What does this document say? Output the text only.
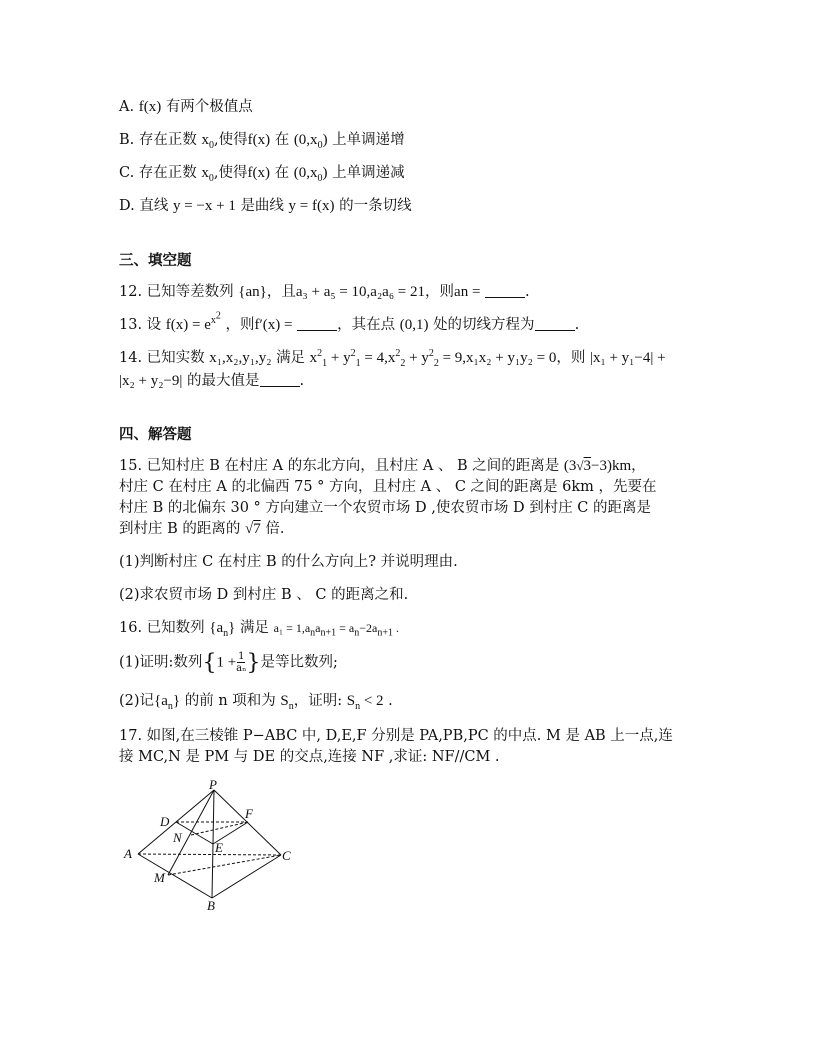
A. f(x) 有两个极值点
B. 存在正数 $x_0$,使得f(x) 在 $(0,x_0)$ 上单调递增
C. 存在正数 $x_0$,使得f(x) 在 $(0,x_0)$ 上单调递减
D. 直线 y = −x + 1 是曲线 y = f(x) 的一条切线
三、填空题
12. 已知等差数列 {an}，且a₃ + a₅ = 10,a₂a₆ = 21，则an =	.
13. 设 $f(x) = e^{x^2}$ ，则f′(x) =	，其在点 (0,1) 处的切线方程为	.
14. 已知实数 x₁,x₂,y₁,y₂ 满足 $x^2_1 + y^2_1 = 4,x^2_2 + y^2_2 = 9,x_1x_2 + y_1y_2 = 0$，则 |x₁ + y₁−4| +
|x₂ + y₂−9| 的最大值是	.
四、解答题
15. 已知村庄 B 在村庄 A 的东北方向，且村庄 A 、 B 之间的距离是 (3√3−3)km，
村庄 C 在村庄 A 的北偏西 75 ° 方向，且村庄 A 、 C 之间的距离是 6km ，先要在
村庄 B 的北偏东 30 ° 方向建立一个农贸市场 D ,使农贸市场 D 到村庄 C 的距离是
到村庄 B 的距离的 √7 倍.
(1)判断村庄 C 在村庄 B 的什么方向上? 并说明理由.
(2)求农贸市场 D 到村庄 B 、 C 的距离之和.
16. 已知数列 $\{a_n\}$ 满足 $a_1 = 1,a_na_{n+1} = a_n-2a_{n+1}$ .
(1)证明:数列{$1 + \frac{1}{\text{aₙ}}$ }是等比数列;
(2)记$\{a_n\}$ 的前 n 项和为 $S_n$，证明: $S_n < 2$ .
17. 如图,在三棱锥 P−ABC 中, D,E,F 分别是 PA,PB,PC 的中点. M 是 AB 上一点,连
接 MC,N 是 PM 与 DE 的交点,连接 NF ,求证: NF//CM .
P
D
F
N
E
A	C
M
B
